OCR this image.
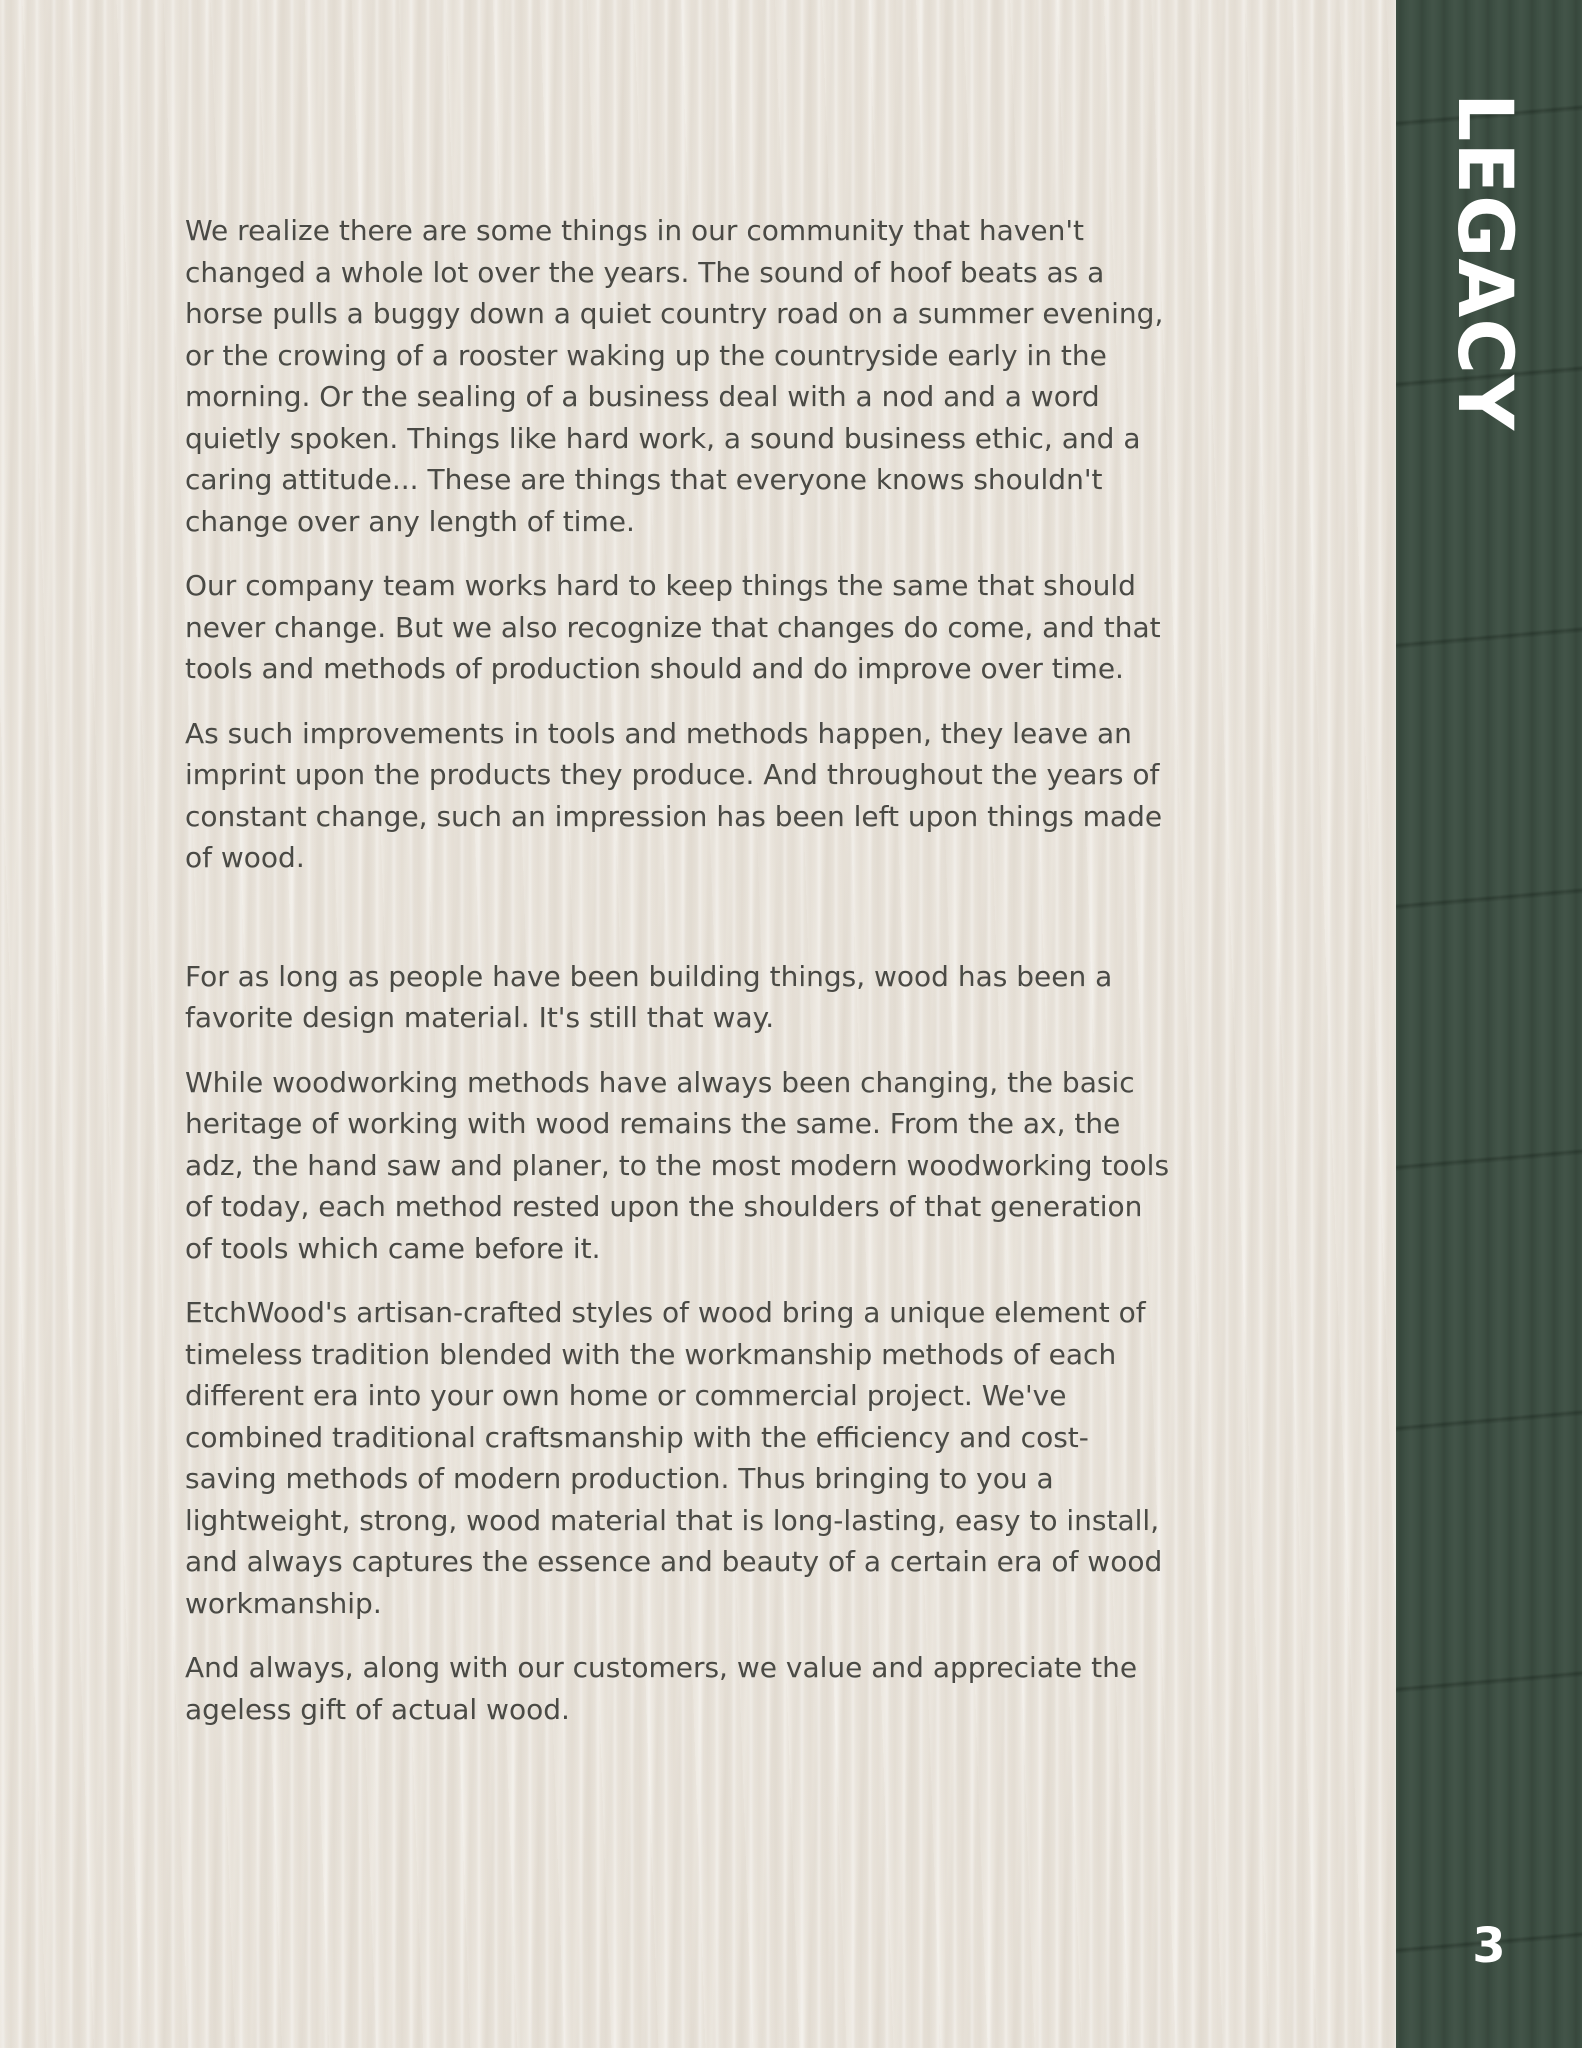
We realize there are some things in our community that haven't changed a whole lot over the years. The sound of hoof beats as a horse pulls a buggy down a quiet country road on a summer evening, or the crowing of a rooster waking up the countryside early in the morning. Or the sealing of a business deal with a nod and a word quietly spoken. Things like hard work, a sound business ethic, and a caring attitude... These are things that everyone knows shouldn't change over any length of time.

Our company team works hard to keep things the same that should never change. But we also recognize that changes do come, and that tools and methods of production should and do improve over time.

As such improvements in tools and methods happen, they leave an imprint upon the products they produce. And throughout the years of constant change, such an impression has been left upon things made of wood.

For as long as people have been building things, wood has been a favorite design material. It's still that way.

While woodworking methods have always been changing, the basic heritage of working with wood remains the same. From the ax, the adz, the hand saw and planer, to the most modern woodworking tools of today, each method rested upon the shoulders of that generation of tools which came before it.

EtchWood's artisan-crafted styles of wood bring a unique element of timeless tradition blended with the workmanship methods of each different era into your own home or commercial project. We've combined traditional craftsmanship with the efficiency and cost-saving methods of modern production. Thus bringing to you a lightweight, strong, wood material that is long-lasting, easy to install, and always captures the essence and beauty of a certain era of wood workmanship.

And always, along with our customers, we value and appreciate the ageless gift of actual wood.

LEGACY
3
